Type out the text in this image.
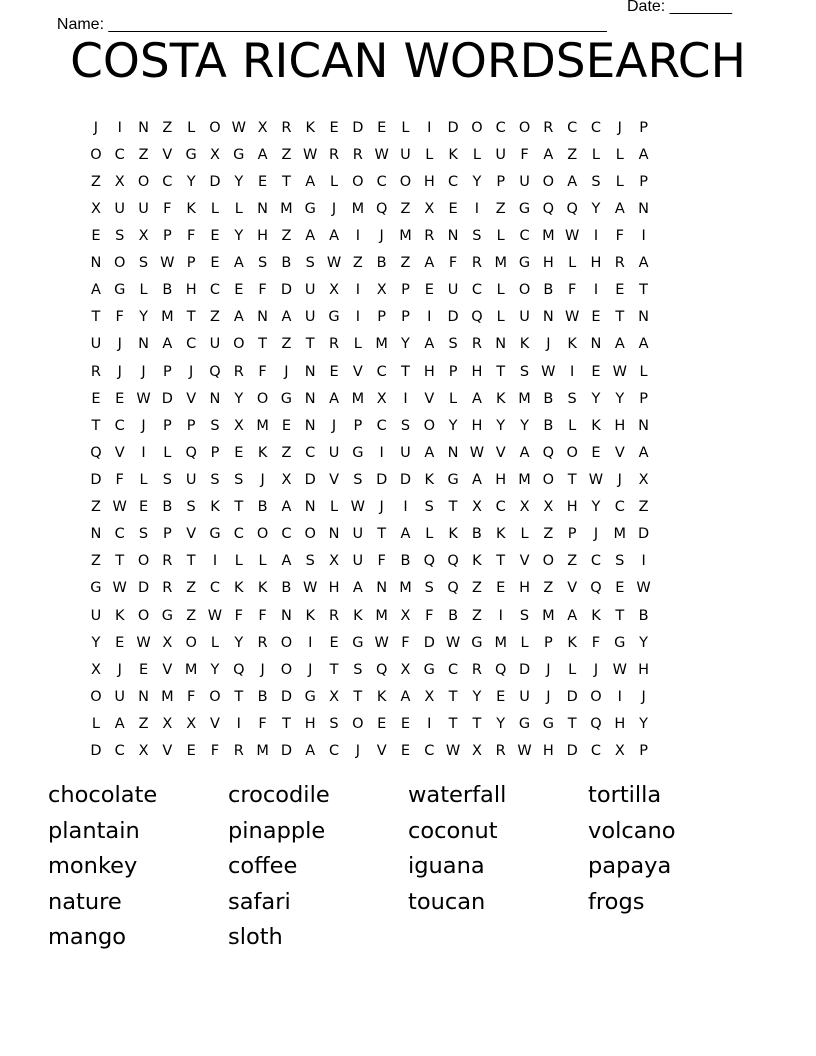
Name: ________________________________________________________

Date: _______

COSTA RICAN WORDSEARCH
J	I	N Z	L O W X R K E D E	L	I	D O C O R C C	J	P
O C Z V G X G A Z W R R W U L	K	L U F	A Z	L	L	A
Z X O C Y D Y	E	T A	L O C O H C Y	P U O A S	L	P
X U U F	K	L	L N M G	J	M Q Z X E	I	Z G Q Q Y A N
E	S X P	F	E	Y H Z A A	I	J	M R N S	L	C M W	I	F	I
N O S W P	E A S B S W Z B Z A	F	R M G H L H R A
A G L	B H C E	F D U X	I	X P	E U C	L O B	F	I	E	T
T	F	Y M T Z A N A U G	I	P	P	I	D Q L U N W E	T N
U	J	N A C U O T Z T R	L M Y A S R N K	J	K N A A
R	J	J	P	J	Q R	F	J	N E V C T H P H T	S W	I	E W L
E	E W D V N Y O G N A M X	I	V	L	A K M B S	Y	Y	P
T C	J	P	P	S X M E N	J	P C S O Y H Y	Y B	L	K H N
Q V	I	L Q P	E K Z C U G	I	U A N W V A Q O E V A
D F	L	S U S	S	J	X D V S D D K G A H M O T W	J	X
Z W E B S K	T B A N L W	J	I	S	T X C X X H Y C Z
N C S	P V G C O C O N U T A	L	K B K	L	Z P	J	M D
Z T O R T	I	L	L	A S X U F	B Q Q K	T V O Z C S	I
G W D R Z C K K B W H A N M S Q Z E H Z V Q E W
U K O G Z W F	F N K R K M X	F	B Z	I	S M A K	T B
Y	E W X O L	Y R O	I	E G W F D W G M L	P	K	F G Y
X	J	E V M Y Q	J	O	J	T	S Q X G C R Q D	J	L	J	W H
O U N M F O T B D G X T	K A X T	Y	E U	J	D O	I	J
L	A Z X X V	I	F	T H S O E	E	I	T	T	Y G G T Q H Y
D C X V E	F	R M D A C	J	V E C W X R W H D C X P
chocolate	crocodile	waterfall	tortilla
plantain	pinapple	coconut	volcano
monkey	coffee	iguana	papaya
nature	safari	toucan	frogs
mango	sloth
